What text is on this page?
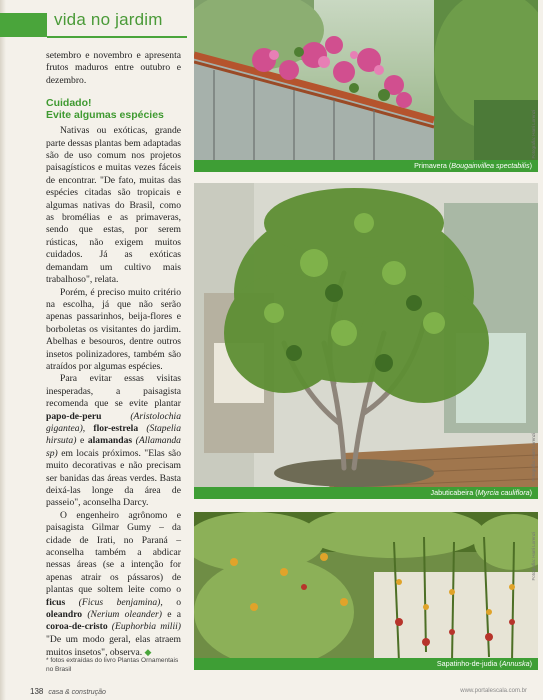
vida no jardim

setembro e novembro e apresenta frutos maduros entre outubro e dezembro.

Cuidado!
Evite algumas espécies

Nativas ou exóticas, grande parte dessas plantas bem adaptadas são de uso comum nos projetos paisagísticos e muitas vezes fáceis de encontrar. "De fato, muitas das espécies citadas são tropicais e algumas nativas do Brasil, como as bromélias e as primaveras, sendo que estas, por serem rústicas, não exigem muitos cuidados. Já as exóticas demandam um cultivo mais trabalhoso", relata.

Porém, é preciso muito critério na escolha, já que não serão apenas passarinhos, beija-flores e borboletas os visitantes do jardim. Abelhas e besouros, dentre outros insetos polinizadores, também são atraídos por algumas espécies.

Para evitar essas visitas inesperadas, a paisagista recomenda que se evite plantar papo-de-peru (Aristolochia gigantea), flor-estrela (Stapelia hirsuta) e alamandas (Allamanda sp) em locais próximos. "Elas são muito decorativas e não precisam ser banidas das áreas verdes. Basta deixá-las longe da área de passeio", aconselha Darcy.

O engenheiro agrônomo e paisagista Gilmar Gumy – da cidade de Irati, no Paraná – aconselha também a abdicar nessas áreas (se a intenção for apenas atrair os pássaros) de plantas que soltem leite como o ficus (Ficus benjamina), o oleandro (Nerium oleander) e a coroa-de-cristo (Euphorbia milii) "De um modo geral, elas atraem muitos insetos", observa. ◆

* fotos extraídas do livro Plantas Ornamentais no Brasil
Fotografia: Harri Lorenzi
Primavera (Bougainvillea spectabilis)
Fotografia: Harri Lorenzi
Jabuticabeira (Myrcia cauliflora)
Fotografia: Harri Lorenzi
Sapatinho-de-judia (Annuska)
138 casa & construção	www.portalescala.com.br
